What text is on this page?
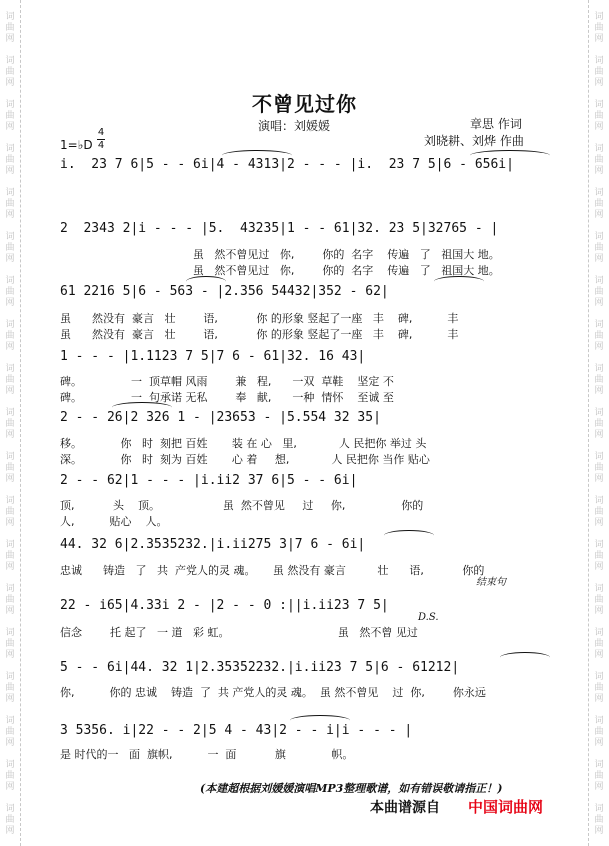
词
曲
网
词
曲
网
词
曲
网
词
曲
网
词
曲
网
词
曲
网
词
曲
网
词
曲
网
词
曲
网
词
曲
网
词
曲
网
词
曲
网
词
曲
网
词
曲
网
词
曲
网
词
曲
网
词
曲
网
词
曲
网
词
曲
网
词
曲
网
词
曲
网
词
曲
网
词
曲
网
词
曲
网
词
曲
网
词
曲
网
词
曲
网
词
曲
网
词
曲
网
词
曲
网
词
曲
网
词
曲
网
词
曲
网
词
曲
网
词
曲
网
词
曲
网
词
曲
网
词
曲
网
不曾见过你
演唱：刘媛媛	章思 作词
刘晓耕、刘烨 作曲
1=♭D
4
4
i.  23 7 6|5 - - 6i|4 - 4313|2 - - - |i.  23 7 5|6 - 656i|
2  2343 2|i - - - |5.  43235|1 - - 61|32. 23 5|32765 - |
虽   然不曾见过   你,        你的  名字    传遍   了   祖国大 地。
虽   然不曾见过   你,        你的  名字    传遍   了   祖国大 地。
61 2216 5|6 - 563 - |2.356 54432|352 - 62|
虽      然没有  豪言   壮        语,           你 的形象 竖起了一座   丰    碑,          丰
虽      然没有  豪言   壮        语,           你 的形象 竖起了一座   丰    碑,          丰
1 - - - |1.1123 7 5|7 6 - 61|32. 16 43|
碑。              一  顶草帽 风雨        兼   程,      一双  草鞋    坚定 不
碑。              一  句承诺 无私        奉   献,      一种  情怀    至诚 至
2 - - 26|2 326 1 - |23653 - |5.554 32 35|
移。           你   时  刻把 百姓       装 在 心   里,            人 民把你 举过 头
深。           你   时  刻为 百姓       心 着     想,            人 民把你 当作 贴心
2 - - 62|1 - - - |i.ii2 37 6|5 - - 6i|
顶,           头    顶。                  虽  然不曾见     过     你,                你的
人,          贴心    人。
44. 32 6|2.3535232.|i.ii275 3|7 6 - 6i|
忠诚      铸造   了   共  产党人的灵 魂。     虽 然没有 豪言         壮      语,           你的
结束句
22 - i65|4.33i 2 - |2 - - 0 :||i.ii23 7 5|
D.S.
信念        托 起了   一 道   彩 虹。                               虽   然不曾 见过
5 - - 6i|44. 32 1|2.35352232.|i.ii23 7 5|6 - 61212|
你,          你的 忠诚    铸造  了  共 产党人的灵 魂。  虽 然不曾见    过  你,        你永远
3 5356. i|22 - - 2|5 4 - 43|2 - - i|i - - - |
是 时代的一   面  旗帜,          一  面           旗             帜。
(本建超根据刘媛媛演唱MP3整理歌谱，如有错误敬请指正！)
本曲谱源自 中国词曲网
